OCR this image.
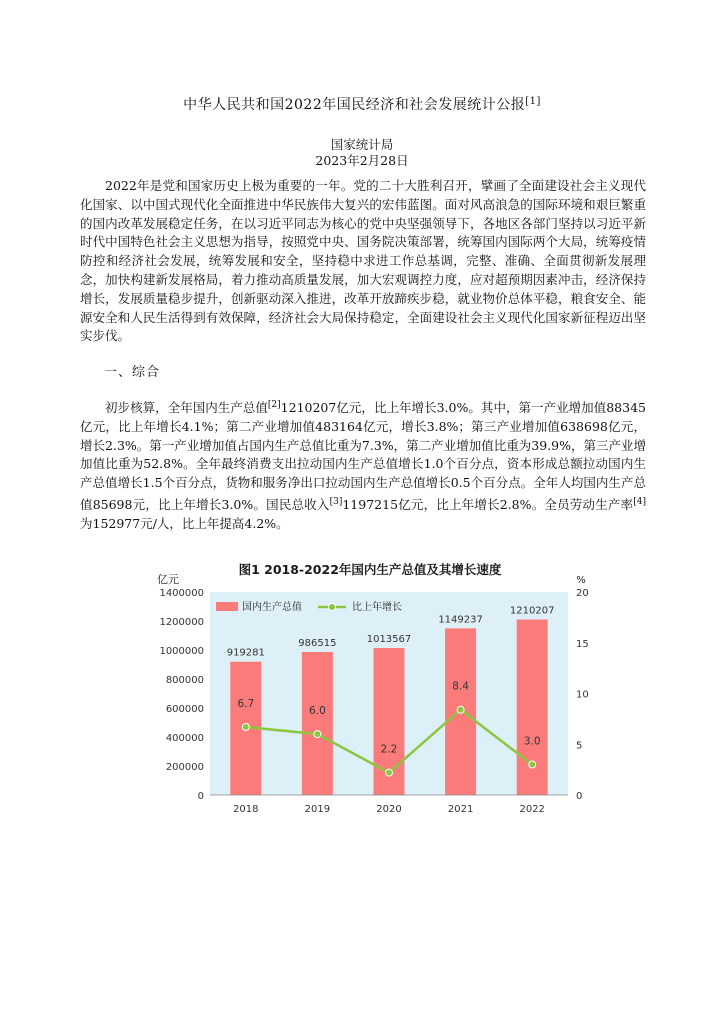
中华人民共和国2022年国民经济和社会发展统计公报[1]
国家统计局
2023年2月28日

2022年是党和国家历史上极为重要的一年。党的二十大胜利召开，擘画了全面建设社会主义现代化国家、以中国式现代化全面推进中华民族伟大复兴的宏伟蓝图。面对风高浪急的国际环境和艰巨繁重的国内改革发展稳定任务，在以习近平同志为核心的党中央坚强领导下，各地区各部门坚持以习近平新时代中国特色社会主义思想为指导，按照党中央、国务院决策部署，统筹国内国际两个大局，统筹疫情防控和经济社会发展，统筹发展和安全，坚持稳中求进工作总基调，完整、准确、全面贯彻新发展理念，加快构建新发展格局，着力推动高质量发展，加大宏观调控力度，应对超预期因素冲击，经济保持增长，发展质量稳步提升，创新驱动深入推进，改革开放蹄疾步稳，就业物价总体平稳，粮食安全、能源安全和人民生活得到有效保障，经济社会大局保持稳定，全面建设社会主义现代化国家新征程迈出坚实步伐。

一、综合

初步核算，全年国内生产总值[2]1210207亿元，比上年增长3.0%。其中，第一产业增加值88345亿元，比上年增长4.1%；第二产业增加值483164亿元，增长3.8%；第三产业增加值638698亿元，增长2.3%。第一产业增加值占国内生产总值比重为7.3%，第二产业增加值比重为39.9%，第三产业增加值比重为52.8%。全年最终消费支出拉动国内生产总值增长1.0个百分点，资本形成总额拉动国内生产总值增长1.5个百分点，货物和服务净出口拉动国内生产总值增长0.5个百分点。全年人均国内生产总值85698元，比上年增长3.0%。国民总收入[3]1197215亿元，比上年增长2.8%。全员劳动生产率[4]为152977元/人，比上年提高4.2%。

图1 2018-2022年国内生产总值及其增长速度
亿元	%
0
200000
400000
600000
800000
1000000
1200000
1400000
0
5
10
15
20
919281
986515	1013567
1149237
1210207
6.7
6.0
2.2
8.4
3.0
2018	2019	2020	2021	2022
国内生产总值	比上年增长
